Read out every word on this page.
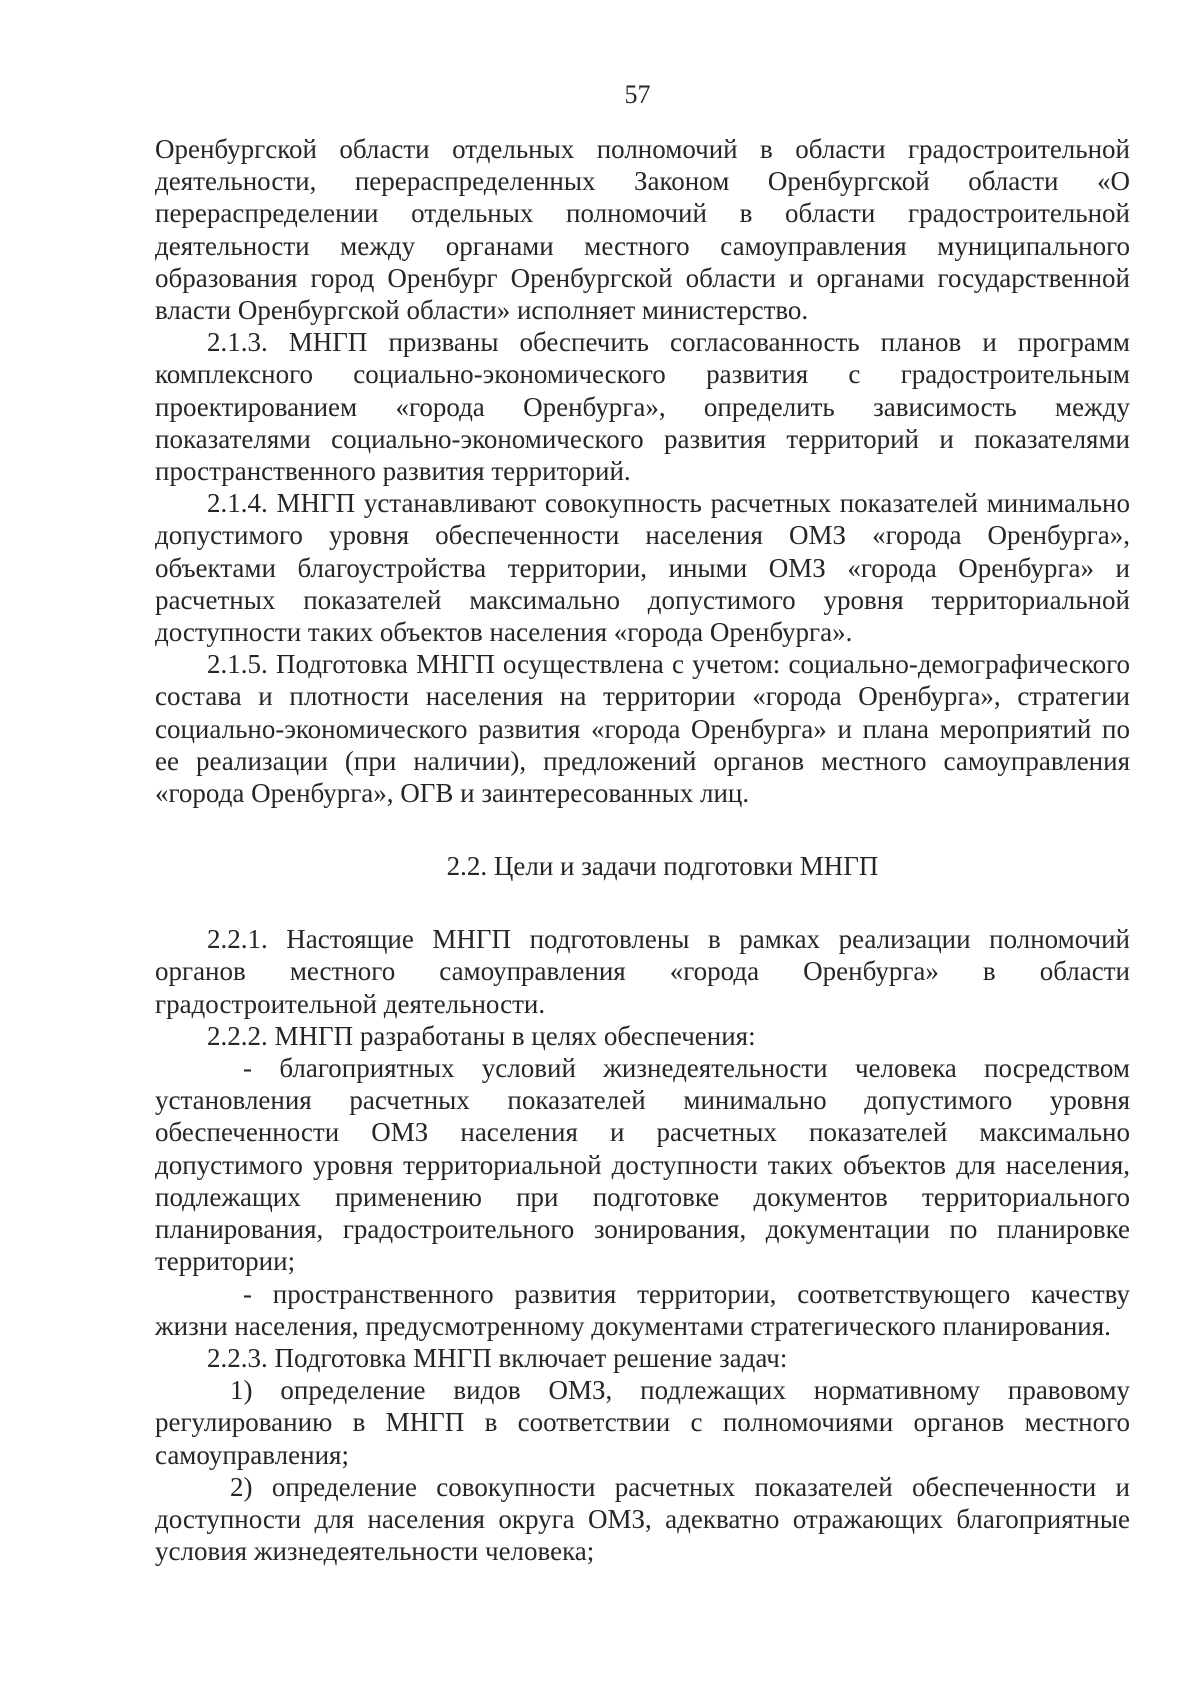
57

Оренбургской области отдельных полномочий в области градостроительной деятельности, перераспределенных Законом Оренбургской области «О перераспределении отдельных полномочий в области градостроительной деятельности между органами местного самоуправления муниципального образования город Оренбург Оренбургской области и органами государственной власти Оренбургской области» исполняет министерство.

2.1.3. МНГП призваны обеспечить согласованность планов и программ комплексного социально-экономического развития с градостроительным проектированием «города Оренбурга», определить зависимость между показателями социально-экономического развития территорий и показателями пространственного развития территорий.

2.1.4. МНГП устанавливают совокупность расчетных показателей минимально допустимого уровня обеспеченности населения ОМЗ «города Оренбурга», объектами благоустройства территории, иными ОМЗ «города Оренбурга» и расчетных показателей максимально допустимого уровня территориальной доступности таких объектов населения «города Оренбурга».

2.1.5. Подготовка МНГП осуществлена с учетом: социально-демографического состава и плотности населения на территории «города Оренбурга», стратегии социально-экономического развития «города Оренбурга» и плана мероприятий по ее реализации (при наличии), предложений органов местного самоуправления «города Оренбурга», ОГВ и заинтересованных лиц.

2.2. Цели и задачи подготовки МНГП

2.2.1. Настоящие МНГП подготовлены в рамках реализации полномочий органов местного самоуправления «города Оренбурга» в области градостроительной деятельности.

2.2.2. МНГП разработаны в целях обеспечения:

- благоприятных условий жизнедеятельности человека посредством установления расчетных показателей минимально допустимого уровня обеспеченности ОМЗ населения и расчетных показателей максимально допустимого уровня территориальной доступности таких объектов для населения, подлежащих применению при подготовке документов территориального планирования, градостроительного зонирования, документации по планировке территории;

- пространственного развития территории, соответствующего качеству жизни населения, предусмотренному документами стратегического планирования.

2.2.3. Подготовка МНГП включает решение задач:

1) определение видов ОМЗ, подлежащих нормативному правовому регулированию в МНГП в соответствии с полномочиями органов местного самоуправления;

2) определение совокупности расчетных показателей обеспеченности и доступности для населения округа ОМЗ, адекватно отражающих благоприятные условия жизнедеятельности человека;
